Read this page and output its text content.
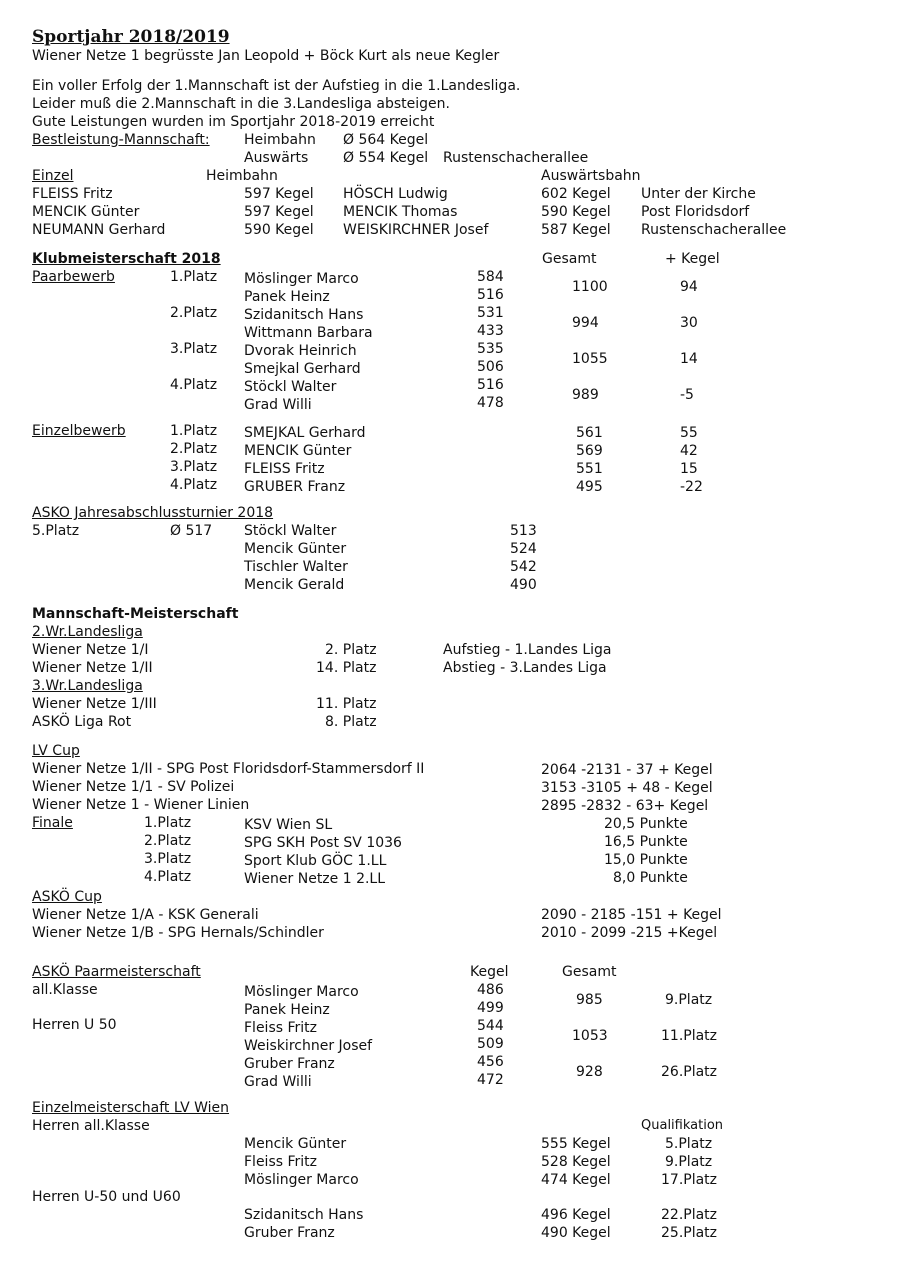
Sportjahr 2018/2019
Wiener Netze 1 begrüsste Jan Leopold + Böck Kurt als neue Kegler
Ein voller Erfolg der 1.Mannschaft ist der Aufstieg in die 1.Landesliga.
Leider muß die 2.Mannschaft in die 3.Landesliga absteigen.
Gute Leistungen wurden im Sportjahr 2018-2019 erreicht
Bestleistung-Mannschaft: Heimbahn Ø 564 Kegel
Auswärts Ø 554 Kegel Rustenschacherallee
Einzel	Heimbahn	Auswärtsbahn
FLEISS Fritz	597 Kegel HÖSCH Ludwig	602 Kegel Unter der Kirche
MENCIK Günter	597 Kegel MENCIK Thomas	590 Kegel Post Floridsdorf
NEUMANN Gerhard	590 Kegel WEISKIRCHNER Josef	587 Kegel Rustenschacherallee
Klubmeisterschaft 2018	Gesamt	+ Kegel
Paarbewerb	1.Platz Möslinger Marco	584
Panek Heinz	516	1100	94
2.Platz Szidanitsch Hans	531
Wittmann Barbara	433	994	30
3.Platz Dvorak Heinrich	535
Smejkal Gerhard	506	1055	14
4.Platz Stöckl Walter	516
Grad Willi	478	989	-5
Einzelbewerb	1.Platz SMEJKAL Gerhard	561	55
2.Platz MENCIK Günter	569	42
3.Platz FLEISS Fritz	551	15
4.Platz GRUBER Franz	495	-22
ASKO Jahresabschlussturnier 2018
5.Platz	Ø 517 Stöckl Walter	513
Mencik Günter	524
Tischler Walter	542
Mencik Gerald	490
Mannschaft-Meisterschaft
2.Wr.Landesliga
Wiener Netze 1/I	2. Platz	Aufstieg - 1.Landes Liga
Wiener Netze 1/II	14. Platz	Abstieg - 3.Landes Liga
3.Wr.Landesliga
Wiener Netze 1/III	11. Platz
ASKÖ Liga Rot	8. Platz
LV Cup
Wiener Netze 1/II - SPG Post Floridsdorf-Stammersdorf II	2064 -2131 - 37 + Kegel
Wiener Netze 1/1 - SV Polizei	3153 -3105 + 48 - Kegel
Wiener Netze 1 - Wiener Linien	2895 -2832 - 63+ Kegel
Finale	1.Platz	KSV Wien SL	20,5 Punkte
2.Platz	SPG SKH Post SV 1036	16,5 Punkte
3.Platz	Sport Klub GÖC 1.LL	15,0 Punkte
4.Platz	Wiener Netze 1 2.LL	8,0 Punkte
ASKÖ Cup
Wiener Netze 1/A - KSK Generali	2090 - 2185 -151 + Kegel
Wiener Netze 1/B - SPG Hernals/Schindler	2010 - 2099 -215 +Kegel
ASKÖ Paarmeisterschaft	Kegel	Gesamt
all.Klasse
Herren U 50
Möslinger Marco	486
Panek Heinz	499	985	9.Platz
Fleiss Fritz	544
Weiskirchner Josef	509	1053	11.Platz
Gruber Franz	456
Grad Willi	472	928	26.Platz
Einzelmeisterschaft LV Wien
Herren all.Klasse	Qualifikation
Mencik Günter	555 Kegel	5.Platz
Fleiss Fritz	528 Kegel	9.Platz
Möslinger Marco	474 Kegel	17.Platz
Herren U-50 und U60
Szidanitsch Hans	496 Kegel	22.Platz
Gruber Franz	490 Kegel	25.Platz
